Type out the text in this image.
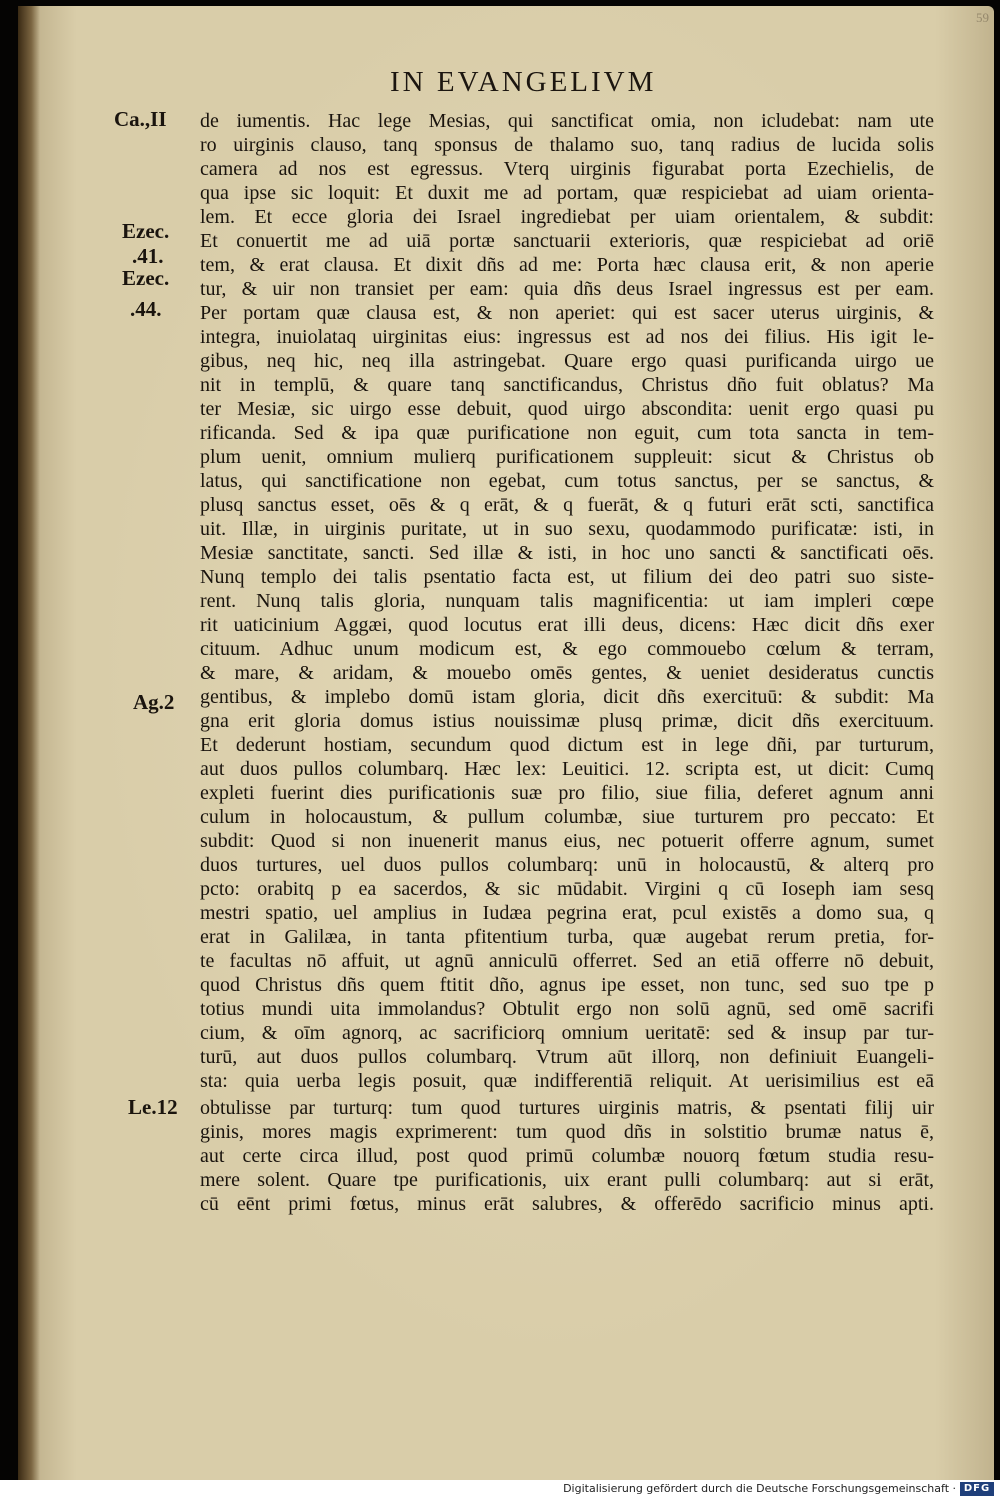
59
IN EVANGELIVM
Ca.,II
Ezec.
.41.
Ezec.
.44.
Ag.2
Le.12
de iumentis. Hac lege Mesias, qui sanctificat omia, non icludebat: nam ute
ro uirginis clauso, tanq sponsus de thalamo suo, tanq radius de lucida solis
camera ad nos est egressus. Vterq uirginis figurabat porta Ezechielis, de
qua ipse sic loquit: Et duxit me ad portam, quæ respiciebat ad uiam orienta-
lem. Et ecce gloria dei Israel ingrediebat per uiam orientalem, & subdit:
Et conuertit me ad uiā portæ sanctuarii exterioris, quæ respiciebat ad oriē
tem, & erat clausa. Et dixit dñs ad me: Porta hæc clausa erit, & non aperie
tur, & uir non transiet per eam: quia dñs deus Israel ingressus est per eam.
Per portam quæ clausa est, & non aperiet: qui est sacer uterus uirginis, &
integra, inuiolataq uirginitas eius: ingressus est ad nos dei filius. His igit le-
gibus, neq hic, neq illa astringebat. Quare ergo quasi purificanda uirgo ue
nit in templū, & quare tanq sanctificandus, Christus dño fuit oblatus? Ma
ter Mesiæ, sic uirgo esse debuit, quod uirgo abscondita: uenit ergo quasi pu
rificanda. Sed & ipa quæ purificatione non eguit, cum tota sancta in tem-
plum uenit, omnium mulierq purificationem suppleuit: sicut & Christus ob
latus, qui sanctificatione non egebat, cum totus sanctus, per se sanctus, &
plusq sanctus esset, oēs & q erāt, & q fuerāt, & q futuri erāt scti, sanctifica
uit. Illæ, in uirginis puritate, ut in suo sexu, quodammodo purificatæ: isti, in
Mesiæ sanctitate, sancti. Sed illæ & isti, in hoc uno sancti & sanctificati oēs.
Nunq templo dei talis psentatio facta est, ut filium dei deo patri suo siste-
rent. Nunq talis gloria, nunquam talis magnificentia: ut iam impleri cœpe
rit uaticinium Aggæi, quod locutus erat illi deus, dicens: Hæc dicit dñs exer
cituum. Adhuc unum modicum est, & ego commouebo cœlum & terram,
& mare, & aridam, & mouebo omēs gentes, & ueniet desideratus cunctis
gentibus, & implebo domū istam gloria, dicit dñs exercituū: & subdit: Ma
gna erit gloria domus istius nouissimæ plusq primæ, dicit dñs exercituum.
Et dederunt hostiam, secundum quod dictum est in lege dñi, par turturum,
aut duos pullos columbarq. Hæc lex: Leuitici. 12. scripta est, ut dicit: Cumq
expleti fuerint dies purificationis suæ pro filio, siue filia, deferet agnum anni
culum in holocaustum, & pullum columbæ, siue turturem pro peccato: Et
subdit: Quod si non inuenerit manus eius, nec potuerit offerre agnum, sumet
duos turtures, uel duos pullos columbarq: unū in holocaustū, & alterq pro
pcto: orabitq p ea sacerdos, & sic mūdabit. Virgini q cū Ioseph iam sesq
mestri spatio, uel amplius in Iudæa pegrina erat, pcul existēs a domo sua, q
erat in Galilæa, in tanta pfitentium turba, quæ augebat rerum pretia, for-
te facultas nō affuit, ut agnū anniculū offerret. Sed an etiā offerre nō debuit,
quod Christus dñs quem ftitit dño, agnus ipe esset, non tunc, sed suo tpe p
totius mundi uita immolandus? Obtulit ergo non solū agnū, sed omē sacrifi
cium, & oīm agnorq, ac sacrificiorq omnium ueritatē: sed & insup par tur-
turū, aut duos pullos columbarq. Vtrum aūt illorq, non definiuit Euangeli-
sta: quia uerba legis posuit, quæ indifferentiā reliquit. At uerisimilius est eā
obtulisse par turturq: tum quod turtures uirginis matris, & psentati filij uir
ginis, mores magis exprimerent: tum quod dñs in solstitio brumæ natus ē,
aut certe circa illud, post quod primū columbæ nouorq fœtum studia resu-
mere solent. Quare tpe purificationis, uix erant pulli columbarq: aut si erāt,
cū eēnt primi fœtus, minus erāt salubres, & offerēdo sacrificio minus apti.
Digitalisierung gefördert durch die Deutsche Forschungsgemeinschaft · DFG
